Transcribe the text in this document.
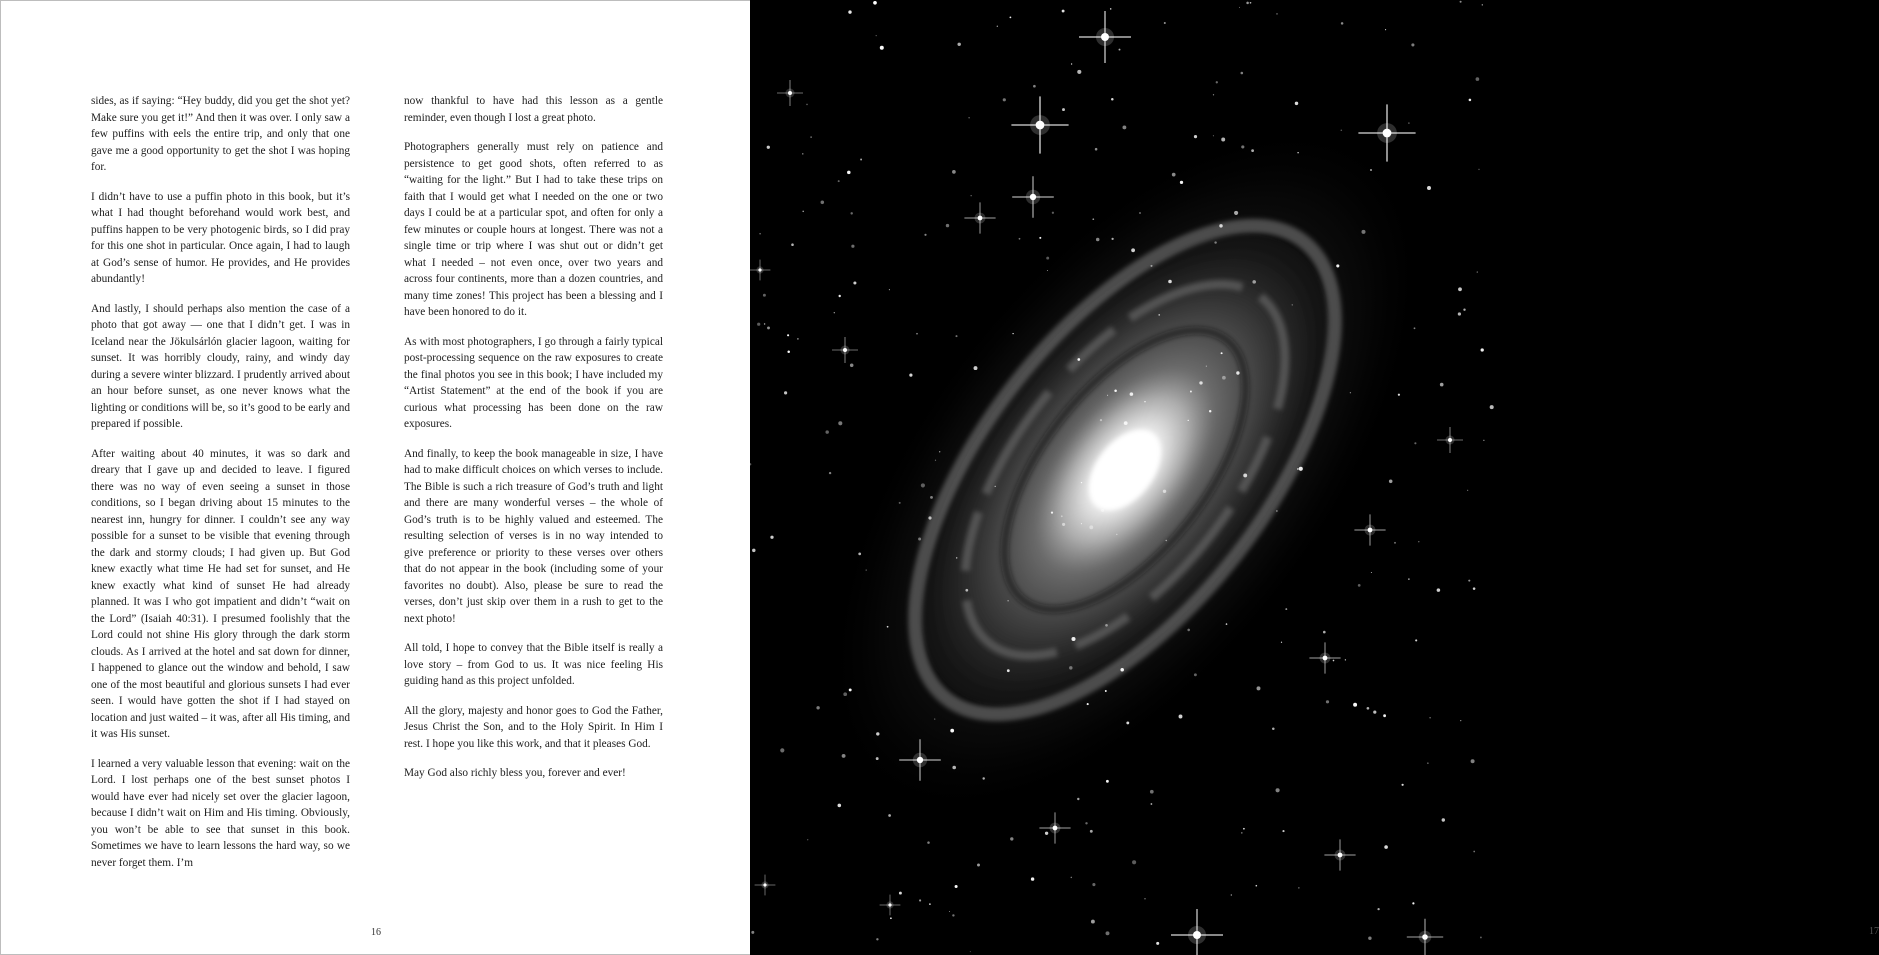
sides, as if saying: “Hey buddy, did you get the shot yet? Make sure you get it!” And then it was over. I only saw a few puffins with eels the entire trip, and only that one gave me a good opportunity to get the shot I was hoping for.

I didn’t have to use a puffin photo in this book, but it’s what I had thought beforehand would work best, and puffins happen to be very photogenic birds, so I did pray for this one shot in particular. Once again, I had to laugh at God’s sense of humor. He provides, and He provides abundantly!

And lastly, I should perhaps also mention the case of a photo that got away — one that I didn’t get. I was in Iceland near the Jökulsárlón glacier lagoon, waiting for sunset. It was horribly cloudy, rainy, and windy day during a severe winter blizzard. I prudently arrived about an hour before sunset, as one never knows what the lighting or conditions will be, so it’s good to be early and prepared if possible.

After waiting about 40 minutes, it was so dark and dreary that I gave up and decided to leave. I figured there was no way of even seeing a sunset in those conditions, so I began driving about 15 minutes to the nearest inn, hungry for dinner. I couldn’t see any way possible for a sunset to be visible that evening through the dark and stormy clouds; I had given up. But God knew exactly what time He had set for sunset, and He knew exactly what kind of sunset He had already planned. It was I who got impatient and didn’t “wait on the Lord” (Isaiah 40:31). I presumed foolishly that the Lord could not shine His glory through the dark storm clouds. As I arrived at the hotel and sat down for dinner, I happened to glance out the window and behold, I saw one of the most beautiful and glorious sunsets I had ever seen. I would have gotten the shot if I had stayed on location and just waited – it was, after all His timing, and it was His sunset.

I learned a very valuable lesson that evening: wait on the Lord. I lost perhaps one of the best sunset photos I would have ever had nicely set over the glacier lagoon, because I didn’t wait on Him and His timing. Obviously, you won’t be able to see that sunset in this book. Sometimes we have to learn lessons the hard way, so we never forget them. I’m

now thankful to have had this lesson as a gentle reminder, even though I lost a great photo.

Photographers generally must rely on patience and persistence to get good shots, often referred to as “waiting for the light.” But I had to take these trips on faith that I would get what I needed on the one or two days I could be at a particular spot, and often for only a few minutes or couple hours at longest. There was not a single time or trip where I was shut out or didn’t get what I needed – not even once, over two years and across four continents, more than a dozen countries, and many time zones! This project has been a blessing and I have been honored to do it.

As with most photographers, I go through a fairly typical post-processing sequence on the raw exposures to create the final photos you see in this book; I have included my “Artist Statement” at the end of the book if you are curious what processing has been done on the raw exposures.

And finally, to keep the book manageable in size, I have had to make difficult choices on which verses to include. The Bible is such a rich treasure of God’s truth and light and there are many wonderful verses – the whole of God’s truth is to be highly valued and esteemed. The resulting selection of verses is in no way intended to give preference or priority to these verses over others that do not appear in the book (including some of your favorites no doubt). Also, please be sure to read the verses, don’t just skip over them in a rush to get to the next photo!

All told, I hope to convey that the Bible itself is really a love story – from God to us. It was nice feeling His guiding hand as this project unfolded.

All the glory, majesty and honor goes to God the Father, Jesus Christ the Son, and to the Holy Spirit. In Him I rest. I hope you like this work, and that it pleases God.

May God also richly bless you, forever and ever!

16	17
